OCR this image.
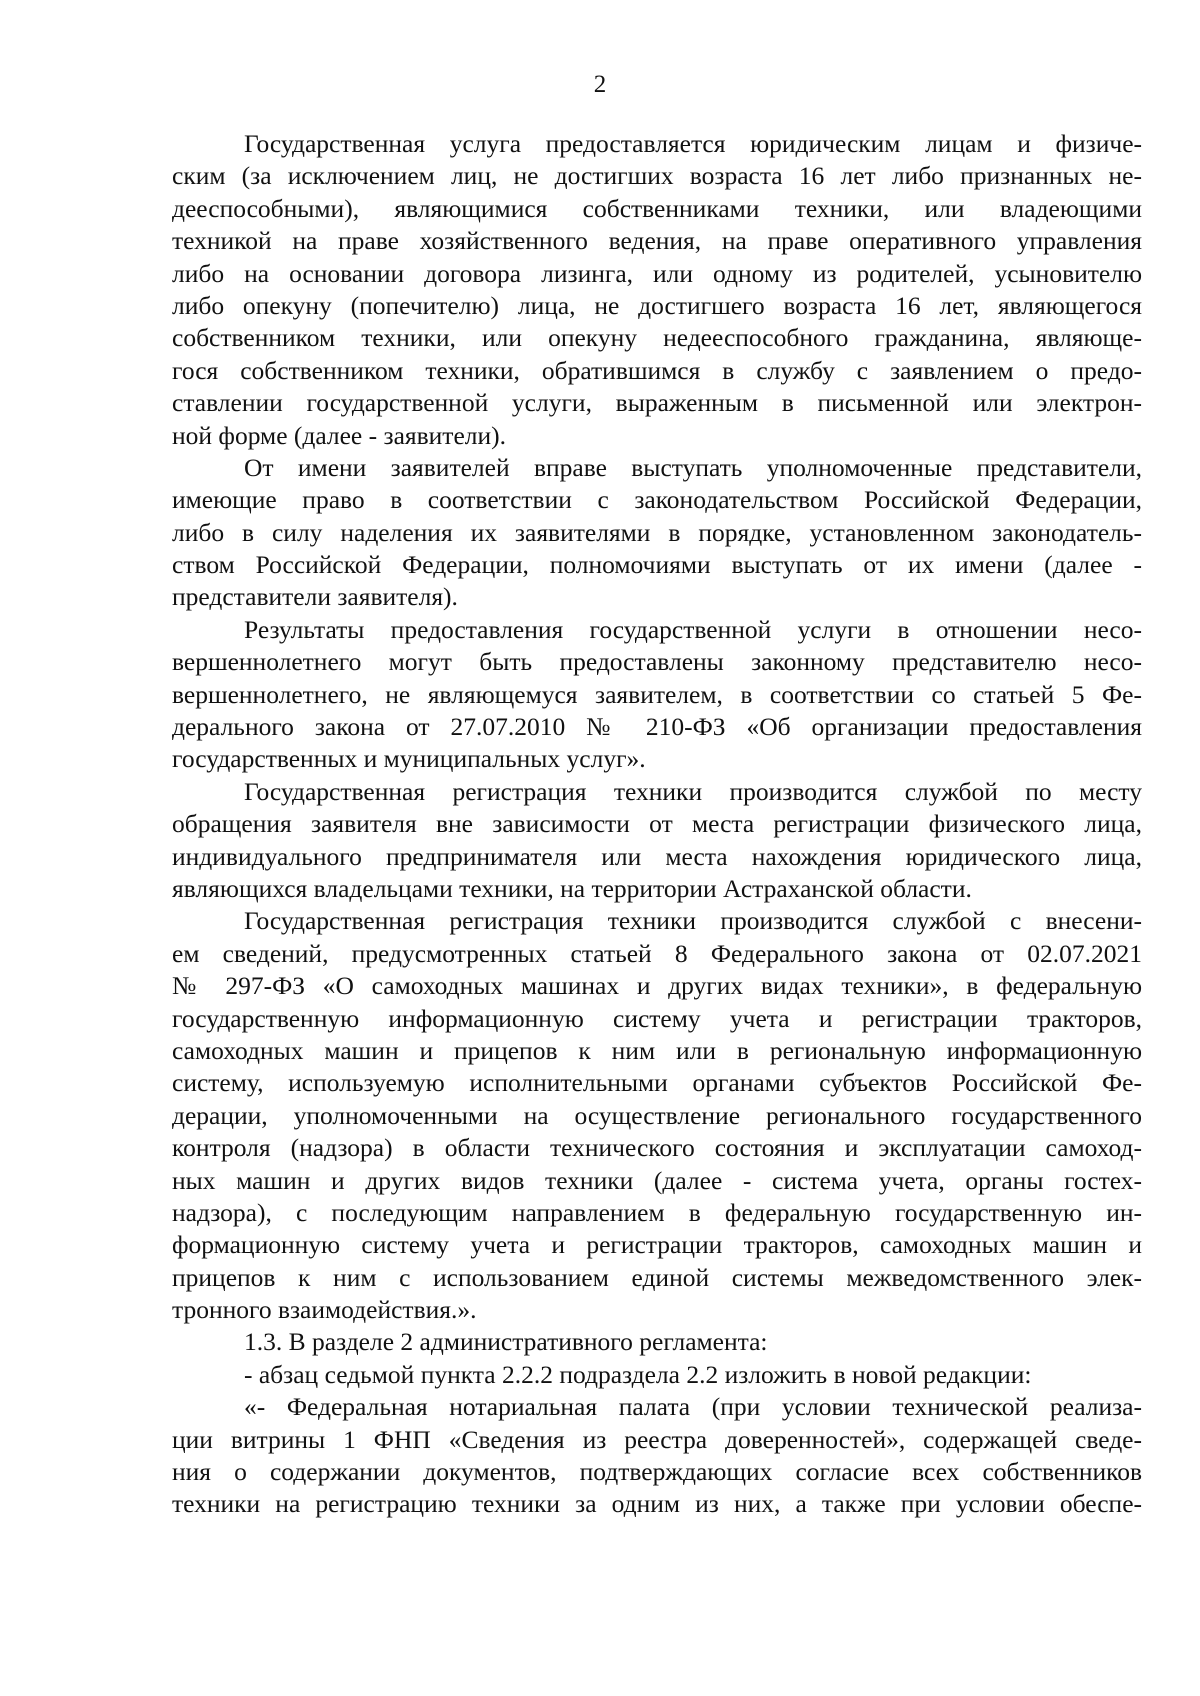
2
Государственная услуга предоставляется юридическим лицам и физиче-
ским (за исключением лиц, не достигших возраста 16 лет либо признанных не-
дееспособными), являющимися собственниками техники, или владеющими
техникой на праве хозяйственного ведения, на праве оперативного управления
либо на основании договора лизинга, или одному из родителей, усыновителю
либо опекуну (попечителю) лица, не достигшего возраста 16 лет, являющегося
собственником техники, или опекуну недееспособного гражданина, являюще-
гося собственником техники, обратившимся в службу с заявлением о предо-
ставлении государственной услуги, выраженным в письменной или электрон-
ной форме (далее - заявители).
От имени заявителей вправе выступать уполномоченные представители,
имеющие право в соответствии с законодательством Российской Федерации,
либо в силу наделения их заявителями в порядке, установленном законодатель-
ством Российской Федерации, полномочиями выступать от их имени (далее -
представители заявителя).
Результаты предоставления государственной услуги в отношении несо-
вершеннолетнего могут быть предоставлены законному представителю несо-
вершеннолетнего, не являющемуся заявителем, в соответствии со статьей 5 Фе-
дерального закона от 27.07.2010 № 210-ФЗ «Об организации предоставления
государственных и муниципальных услуг».
Государственная регистрация техники производится службой по месту
обращения заявителя вне зависимости от места регистрации физического лица,
индивидуального предпринимателя или места нахождения юридического лица,
являющихся владельцами техники, на территории Астраханской области.
Государственная регистрация техники производится службой с внесени-
ем сведений, предусмотренных статьей 8 Федерального закона от 02.07.2021
№ 297-ФЗ «О самоходных машинах и других видах техники», в федеральную
государственную информационную систему учета и регистрации тракторов,
самоходных машин и прицепов к ним или в региональную информационную
систему, используемую исполнительными органами субъектов Российской Фе-
дерации, уполномоченными на осуществление регионального государственного
контроля (надзора) в области технического состояния и эксплуатации самоход-
ных машин и других видов техники (далее - система учета, органы гостех-
надзора), с последующим направлением в федеральную государственную ин-
формационную систему учета и регистрации тракторов, самоходных машин и
прицепов к ним с использованием единой системы межведомственного элек-
тронного взаимодействия.».
1.3. В разделе 2 административного регламента:
- абзац седьмой пункта 2.2.2 подраздела 2.2 изложить в новой редакции:
«- Федеральная нотариальная палата (при условии технической реализа-
ции витрины 1 ФНП «Сведения из реестра доверенностей», содержащей сведе-
ния о содержании документов, подтверждающих согласие всех собственников
техники на регистрацию техники за одним из них, а также при условии обеспе-
